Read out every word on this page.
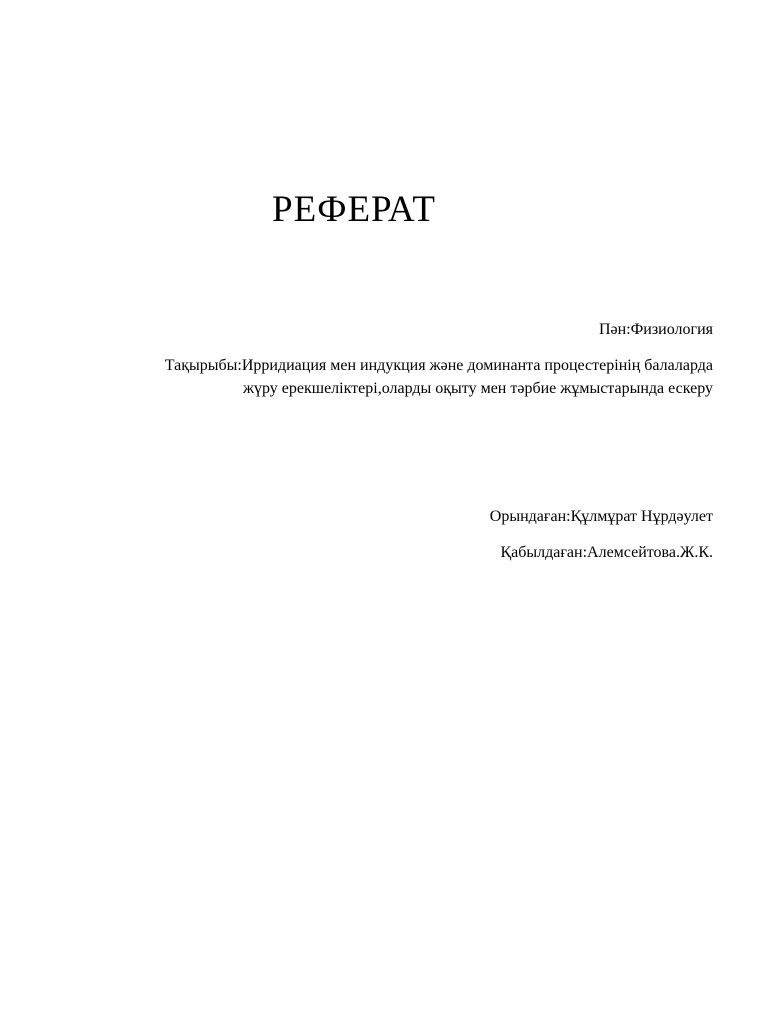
РЕФЕРАТ
Пән:Физиология
Тақырыбы:Ирридиация мен индукция және доминанта процестерінің балаларда
жүру ерекшеліктері,оларды оқыту мен тәрбие жұмыстарында ескеру
Орындаған:Құлмұрат Нұрдәулет
Қабылдаған:Алемсейтова.Ж.К.
